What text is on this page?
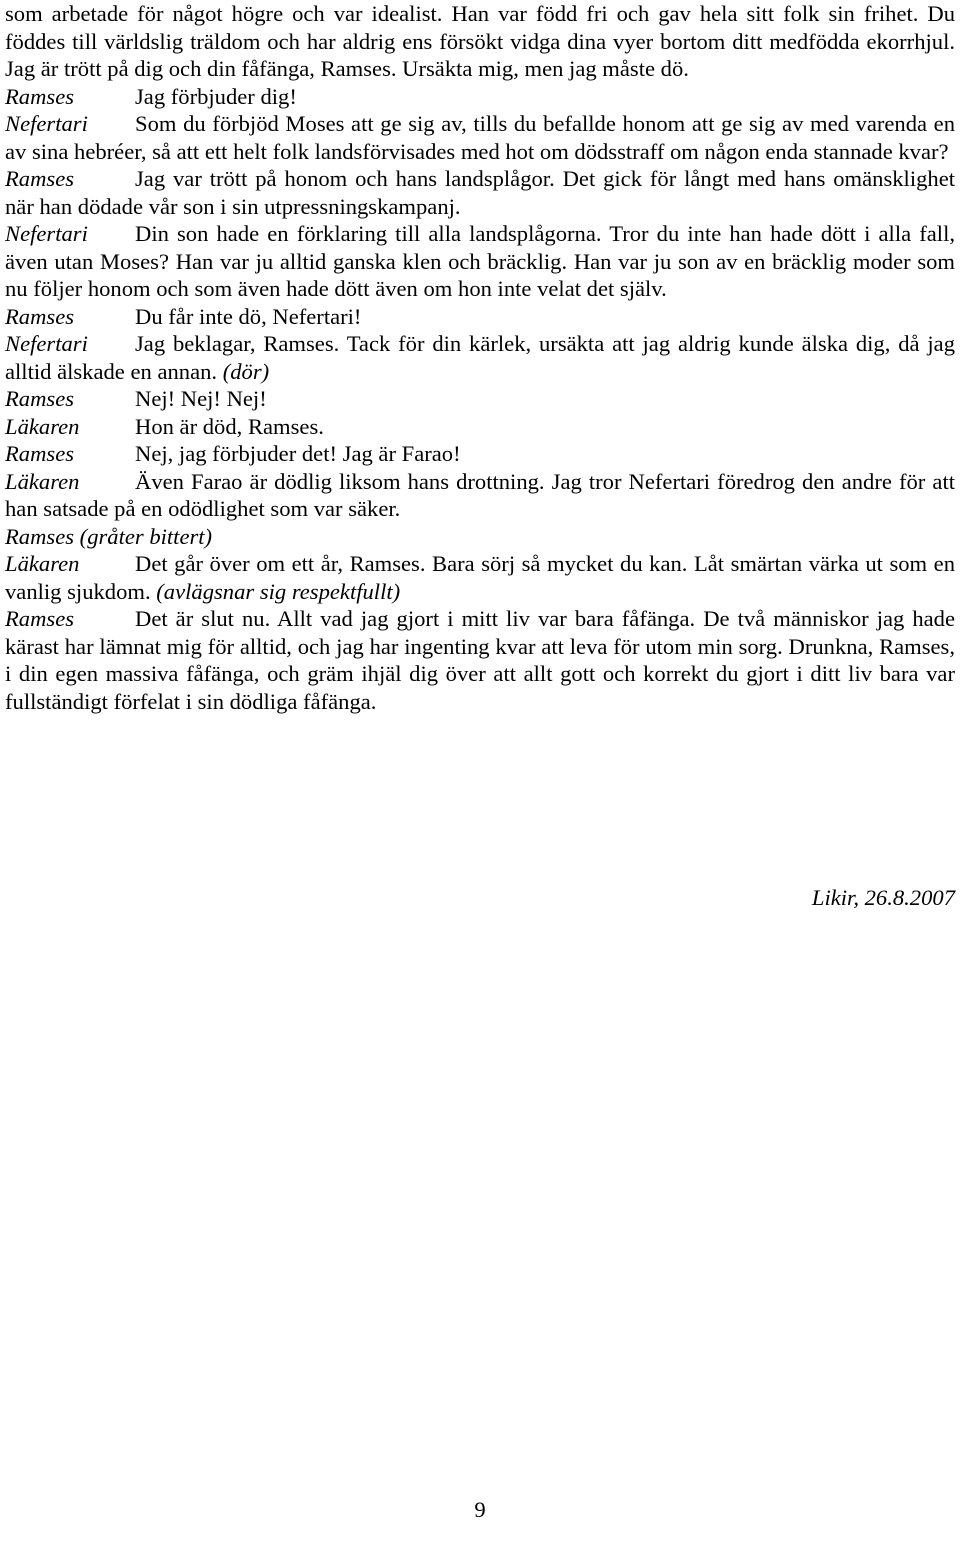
som arbetade för något högre och var idealist. Han var född fri och gav hela sitt folk sin frihet. Du föddes till världslig träldom och har aldrig ens försökt vidga dina vyer bortom ditt medfödda ekorrhjul. Jag är trött på dig och din fåfänga, Ramses. Ursäkta mig, men jag måste dö.

Ramses	Jag förbjuder dig!

Nefertari Som du förbjöd Moses att ge sig av, tills du befallde honom att ge sig av med varenda en av sina hebréer, så att ett helt folk landsförvisades med hot om dödsstraff om någon enda stannade kvar?

Ramses	Jag var trött på honom och hans landsplågor. Det gick för långt med hans omänsklighet när han dödade vår son i sin utpressningskampanj.

Nefertari Din son hade en förklaring till alla landsplågorna. Tror du inte han hade dött i alla fall, även utan Moses? Han var ju alltid ganska klen och bräcklig. Han var ju son av en bräcklig moder som nu följer honom och som även hade dött även om hon inte velat det själv.

Ramses	Du får inte dö, Nefertari!

Nefertari Jag beklagar, Ramses. Tack för din kärlek, ursäkta att jag aldrig kunde älska dig, då jag alltid älskade en annan. (dör)

Ramses	Nej! Nej! Nej!

Läkaren Hon är död, Ramses.

Ramses	Nej, jag förbjuder det! Jag är Farao!

Läkaren Även Farao är dödlig liksom hans drottning. Jag tror Nefertari föredrog den andre för att han satsade på en odödlighet som var säker.

Ramses (gråter bittert)

Läkaren Det går över om ett år, Ramses. Bara sörj så mycket du kan. Låt smärtan värka ut som en vanlig sjukdom. (avlägsnar sig respektfullt)

Ramses	Det är slut nu. Allt vad jag gjort i mitt liv var bara fåfänga. De två människor jag hade kärast har lämnat mig för alltid, och jag har ingenting kvar att leva för utom min sorg. Drunkna, Ramses, i din egen massiva fåfänga, och gräm ihjäl dig över att allt gott och korrekt du gjort i ditt liv bara var fullständigt förfelat i sin dödliga fåfänga.

Likir, 26.8.2007
9
